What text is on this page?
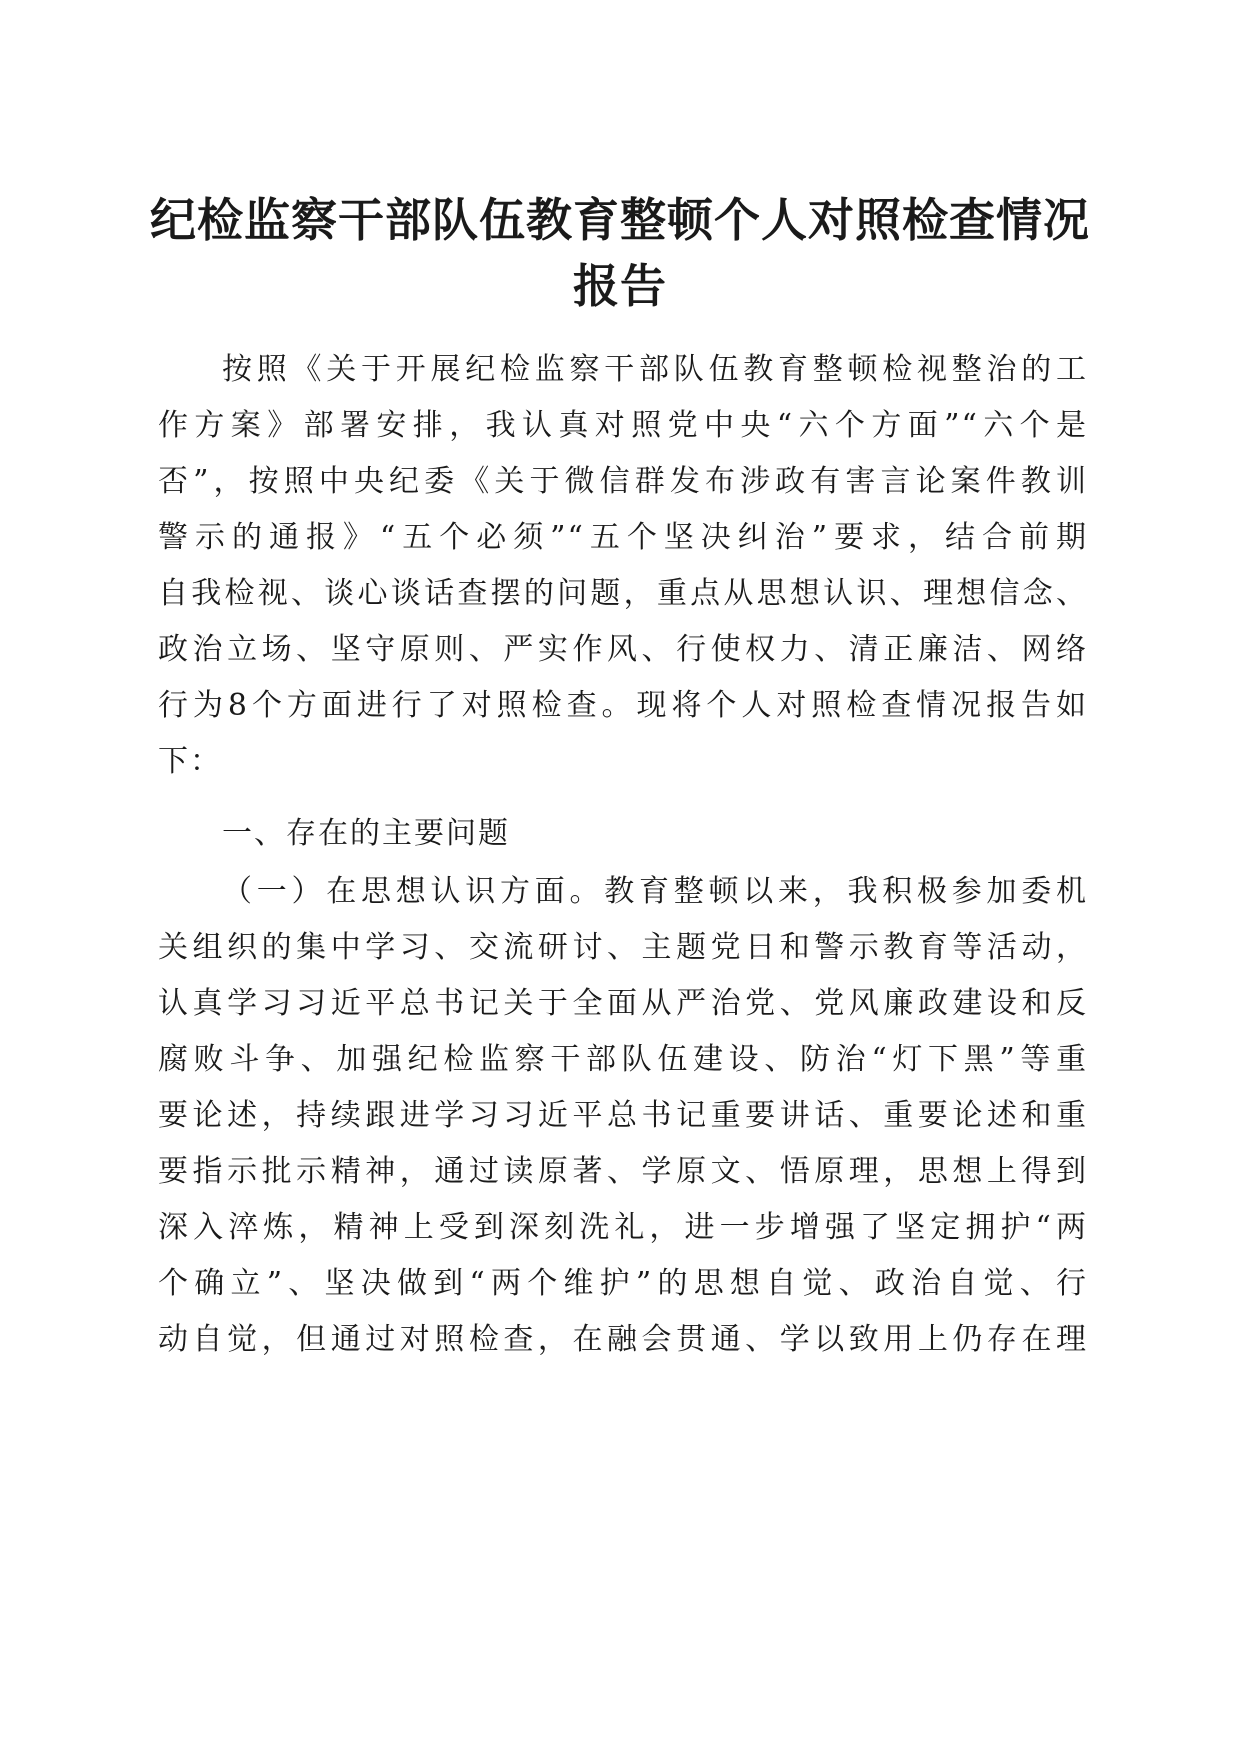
纪检监察干部队伍教育整顿个人对照检查情况
报告
按照《关于开展纪检监察干部队伍教育整顿检视整治的工
作方案》部署安排，我认真对照党中央“六个方面”“六个是
否”，按照中央纪委《关于微信群发布涉政有害言论案件教训
警示的通报》“五个必须”“五个坚决纠治”要求，结合前期
自我检视、谈心谈话查摆的问题，重点从思想认识、理想信念、
政治立场、坚守原则、严实作风、行使权力、清正廉洁、网络
行为8个方面进行了对照检查。现将个人对照检查情况报告如
下：
一、存在的主要问题
（一）在思想认识方面。教育整顿以来，我积极参加委机
关组织的集中学习、交流研讨、主题党日和警示教育等活动，
认真学习习近平总书记关于全面从严治党、党风廉政建设和反
腐败斗争、加强纪检监察干部队伍建设、防治“灯下黑”等重
要论述，持续跟进学习习近平总书记重要讲话、重要论述和重
要指示批示精神，通过读原著、学原文、悟原理，思想上得到
深入淬炼，精神上受到深刻洗礼，进一步增强了坚定拥护“两
个确立”、坚决做到“两个维护”的思想自觉、政治自觉、行
动自觉，但通过对照检查，在融会贯通、学以致用上仍存在理
